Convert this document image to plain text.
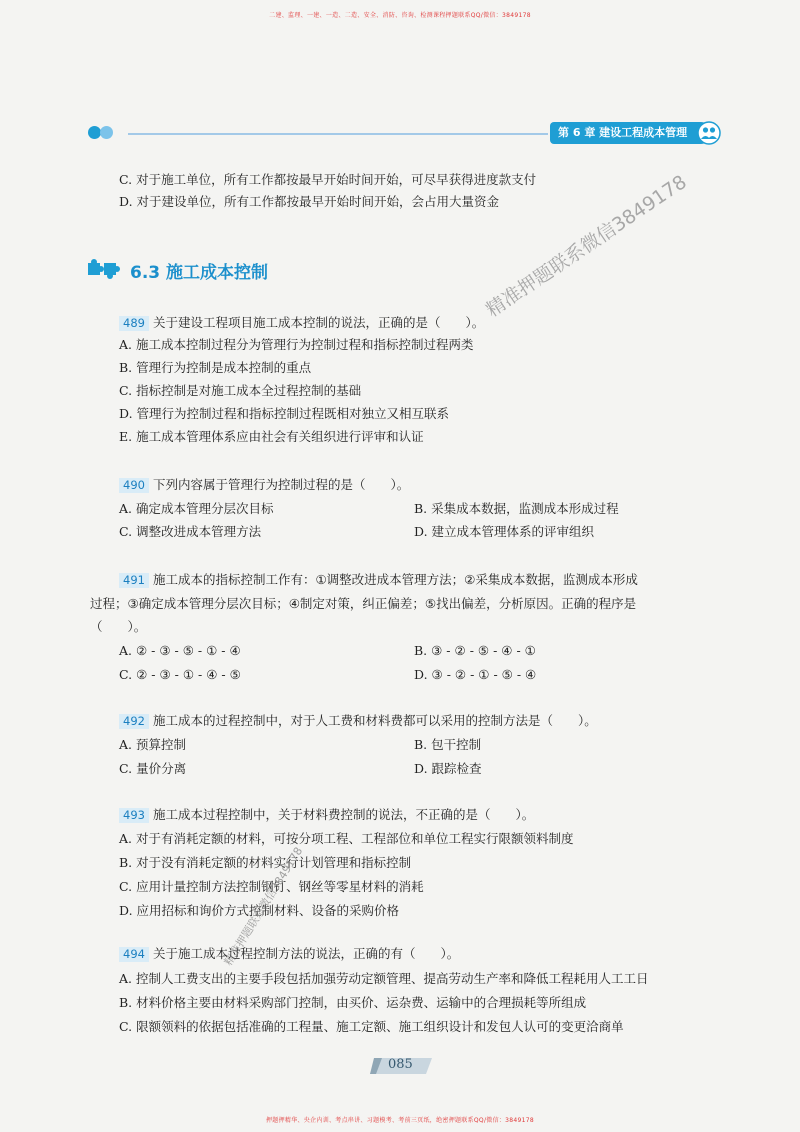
二建、监理、一建、一造、二造、安全、消防、咨询、检测课程押题联系QQ/微信：3849178
第 6 章 建设工程成本管理
C. 对于施工单位，所有工作都按最早开始时间开始，可尽早获得进度款支付
D. 对于建设单位，所有工作都按最早开始时间开始，会占用大量资金
6.3 施工成本控制	精准押题联系微信3849178
489 关于建设工程项目施工成本控制的说法，正确的是（　　）。
A. 施工成本控制过程分为管理行为控制过程和指标控制过程两类
B. 管理行为控制是成本控制的重点
C. 指标控制是对施工成本全过程控制的基础
D. 管理行为控制过程和指标控制过程既相对独立又相互联系
E. 施工成本管理体系应由社会有关组织进行评审和认证
490 下列内容属于管理行为控制过程的是（　　）。
A. 确定成本管理分层次目标	B. 采集成本数据，监测成本形成过程
C. 调整改进成本管理方法	D. 建立成本管理体系的评审组织
491 施工成本的指标控制工作有：①调整改进成本管理方法；②采集成本数据，监测成本形成
过程；③确定成本管理分层次目标；④制定对策，纠正偏差；⑤找出偏差，分析原因。正确的程序是
（　　）。
A. ② - ③ - ⑤ - ① - ④	B. ③ - ② - ⑤ - ④ - ①
C. ② - ③ - ① - ④ - ⑤	D. ③ - ② - ① - ⑤ - ④
492 施工成本的过程控制中，对于人工费和材料费都可以采用的控制方法是（　　）。
A. 预算控制	B. 包干控制
C. 量价分离	D. 跟踪检查
493 施工成本过程控制中，关于材料费控制的说法，不正确的是（　　）。
A. 对于有消耗定额的材料，可按分项工程、工程部位和单位工程实行限额领料制度
B. 对于没有消耗定额的材料实行计划管理和指标控制
C. 应用计量控制方法控制钢钉、钢丝等零星材料的消耗
D. 应用招标和询价方式控制材料、设备的采购价格
精准押题联系微信3849178
494 关于施工成本过程控制方法的说法，正确的有（　　）。
A. 控制人工费支出的主要手段包括加强劳动定额管理、提高劳动生产率和降低工程耗用人工工日
B. 材料价格主要由材料采购部门控制，由买价、运杂费、运输中的合理损耗等所组成
C. 限额领料的依据包括准确的工程量、施工定额、施工组织设计和发包人认可的变更洽商单
085
押题押精华、央企内训、考点串讲、习题模考、考前三页纸，绝密押题联系QQ/微信：3849178
